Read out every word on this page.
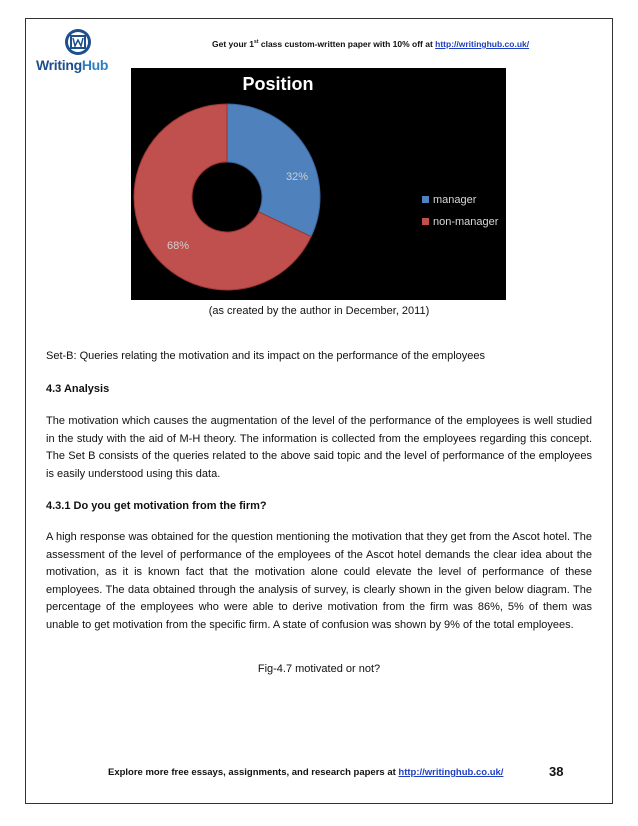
WritingHub
Get your 1st class custom-written paper with 10% off at http://writinghub.co.uk/
32%
68%
Position
manager
non-manager
(as created by the author in December, 2011)
Set-B: Queries relating the motivation and its impact on the performance of the employees
4.3 Analysis
The motivation which causes the augmentation of the level of the performance of the employees is well studied in the study with the aid of M-H theory. The information is collected from the employees regarding this concept. The Set B consists of the queries related to the above said topic and the level of performance of the employees is easily understood using this data.
4.3.1 Do you get motivation from the firm?
A high response was obtained for the question mentioning the motivation that they get from the Ascot hotel. The assessment of the level of performance of the employees of the Ascot hotel demands the clear idea about the motivation, as it is known fact that the motivation alone could elevate the level of performance of these employees. The data obtained through the analysis of survey, is clearly shown in the given below diagram. The percentage of the employees who were able to derive motivation from the firm was 86%, 5% of them was unable to get motivation from the specific firm. A state of confusion was shown by 9% of the total employees.
Fig-4.7 motivated or not?
Explore more free essays, assignments, and research papers at http://writinghub.co.uk/	38
